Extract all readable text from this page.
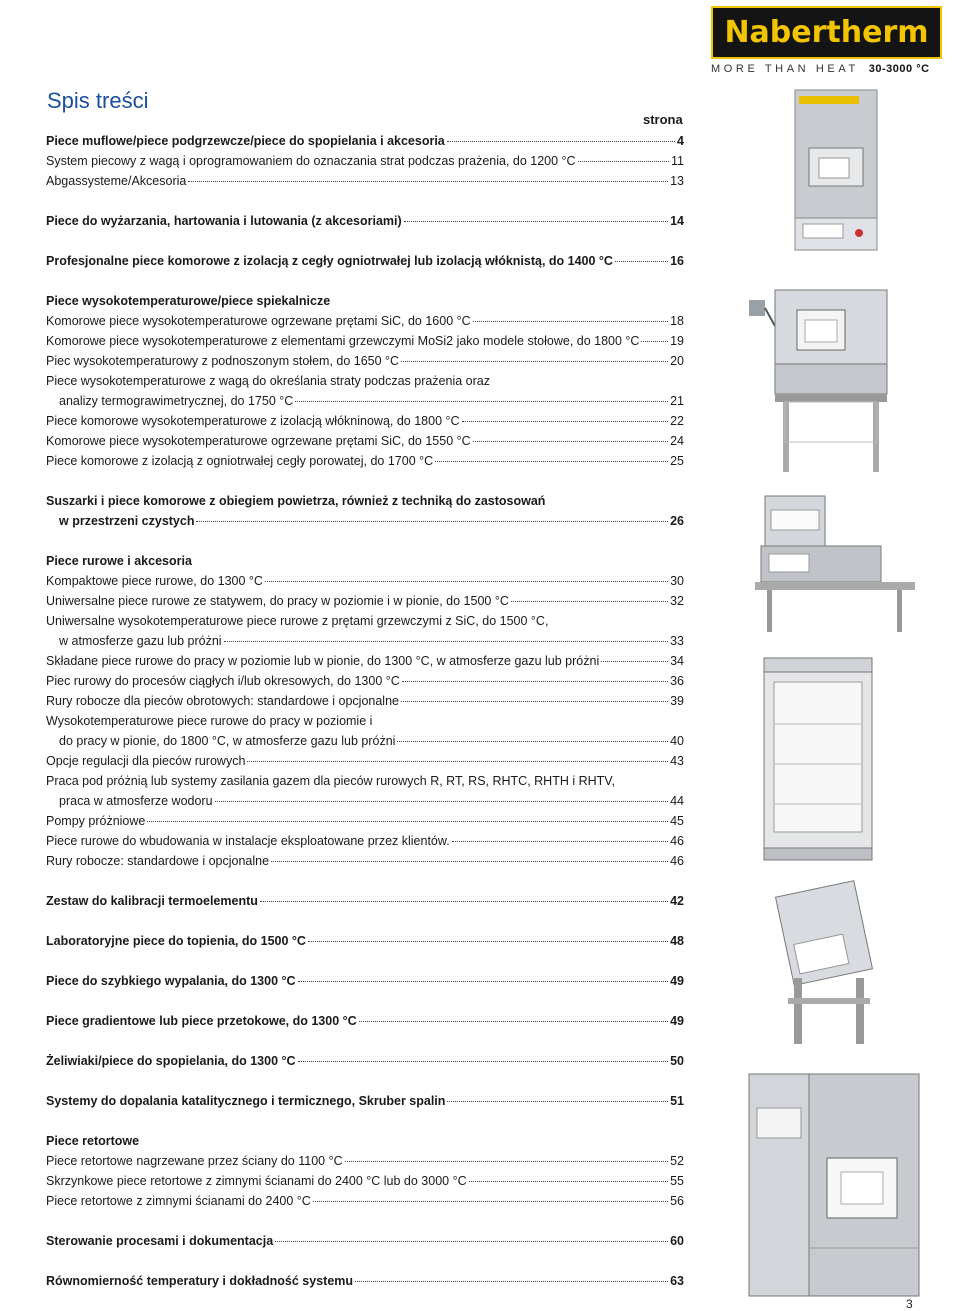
Nabertherm
MORE THAN HEAT 30-3000 °C
Spis treści
strona
Piece muflowe/piece podgrzewcze/piece do spopielania i akcesoria	4
System piecowy z wagą i oprogramowaniem do oznaczania strat podczas prażenia, do 1200 °C	11
Abgassysteme/Akcesoria	13
Piece do wyżarzania, hartowania i lutowania (z akcesoriami)	14
Profesjonalne piece komorowe z izolacją z cegły ogniotrwałej lub izolacją włóknistą, do 1400 °C	16
Piece wysokotemperaturowe/piece spiekalnicze
Komorowe piece wysokotemperaturowe ogrzewane prętami SiC, do 1600 °C	18
Komorowe piece wysokotemperaturowe z elementami grzewczymi MoSi2 jako modele stołowe, do 1800 °C 19
Piec wysokotemperaturowy z podnoszonym stołem, do 1650 °C	20
Piece wysokotemperaturowe z wagą do określania straty podczas prażenia oraz
analizy termograwimetrycznej, do 1750 °C	21
Piece komorowe wysokotemperaturowe z izolacją włókninową, do 1800 °C	22
Komorowe piece wysokotemperaturowe ogrzewane prętami SiC, do 1550 °C	24
Piece komorowe z izolacją z ogniotrwałej cegły porowatej, do 1700 °C	25
Suszarki i piece komorowe z obiegiem powietrza, również z techniką do zastosowań
w przestrzeni czystych	26
Piece rurowe i akcesoria
Kompaktowe piece rurowe, do 1300 °C	30
Uniwersalne piece rurowe ze statywem, do pracy w poziomie i w pionie, do 1500 °C	32
Uniwersalne wysokotemperaturowe piece rurowe z prętami grzewczymi z SiC, do 1500 °C,
w atmosferze gazu lub próżni	33
Składane piece rurowe do pracy w poziomie lub w pionie, do 1300 °C, w atmosferze gazu lub próżni	34
Piec rurowy do procesów ciągłych i/lub okresowych, do 1300 °C	36
Rury robocze dla pieców obrotowych: standardowe i opcjonalne	39
Wysokotemperaturowe piece rurowe do pracy w poziomie i
do pracy w pionie, do 1800 °C, w atmosferze gazu lub próżni	40
Opcje regulacji dla pieców rurowych	43
Praca pod próżnią lub systemy zasilania gazem dla pieców rurowych R, RT, RS, RHTC, RHTH i RHTV,
praca w atmosferze wodoru	44
Pompy próżniowe	45
Piece rurowe do wbudowania w instalacje eksploatowane przez klientów.	46
Rury robocze: standardowe i opcjonalne	46
Zestaw do kalibracji termoelementu	42
Laboratoryjne piece do topienia, do 1500 °C	48
Piece do szybkiego wypalania, do 1300 °C	49
Piece gradientowe lub piece przetokowe, do 1300 °C	49
Żeliwiaki/piece do spopielania, do 1300 °C	50
Systemy do dopalania katalitycznego i termicznego, Skruber spalin	51
Piece retortowe
Piece retortowe nagrzewane przez ściany do 1100 °C	52
Skrzynkowe piece retortowe z zimnymi ścianami do 2400 °C lub do 3000 °C	55
Piece retortowe z zimnymi ścianami do 2400 °C	56
Sterowanie procesami i dokumentacja	60
Równomierność temperatury i dokładność systemu	63
3
